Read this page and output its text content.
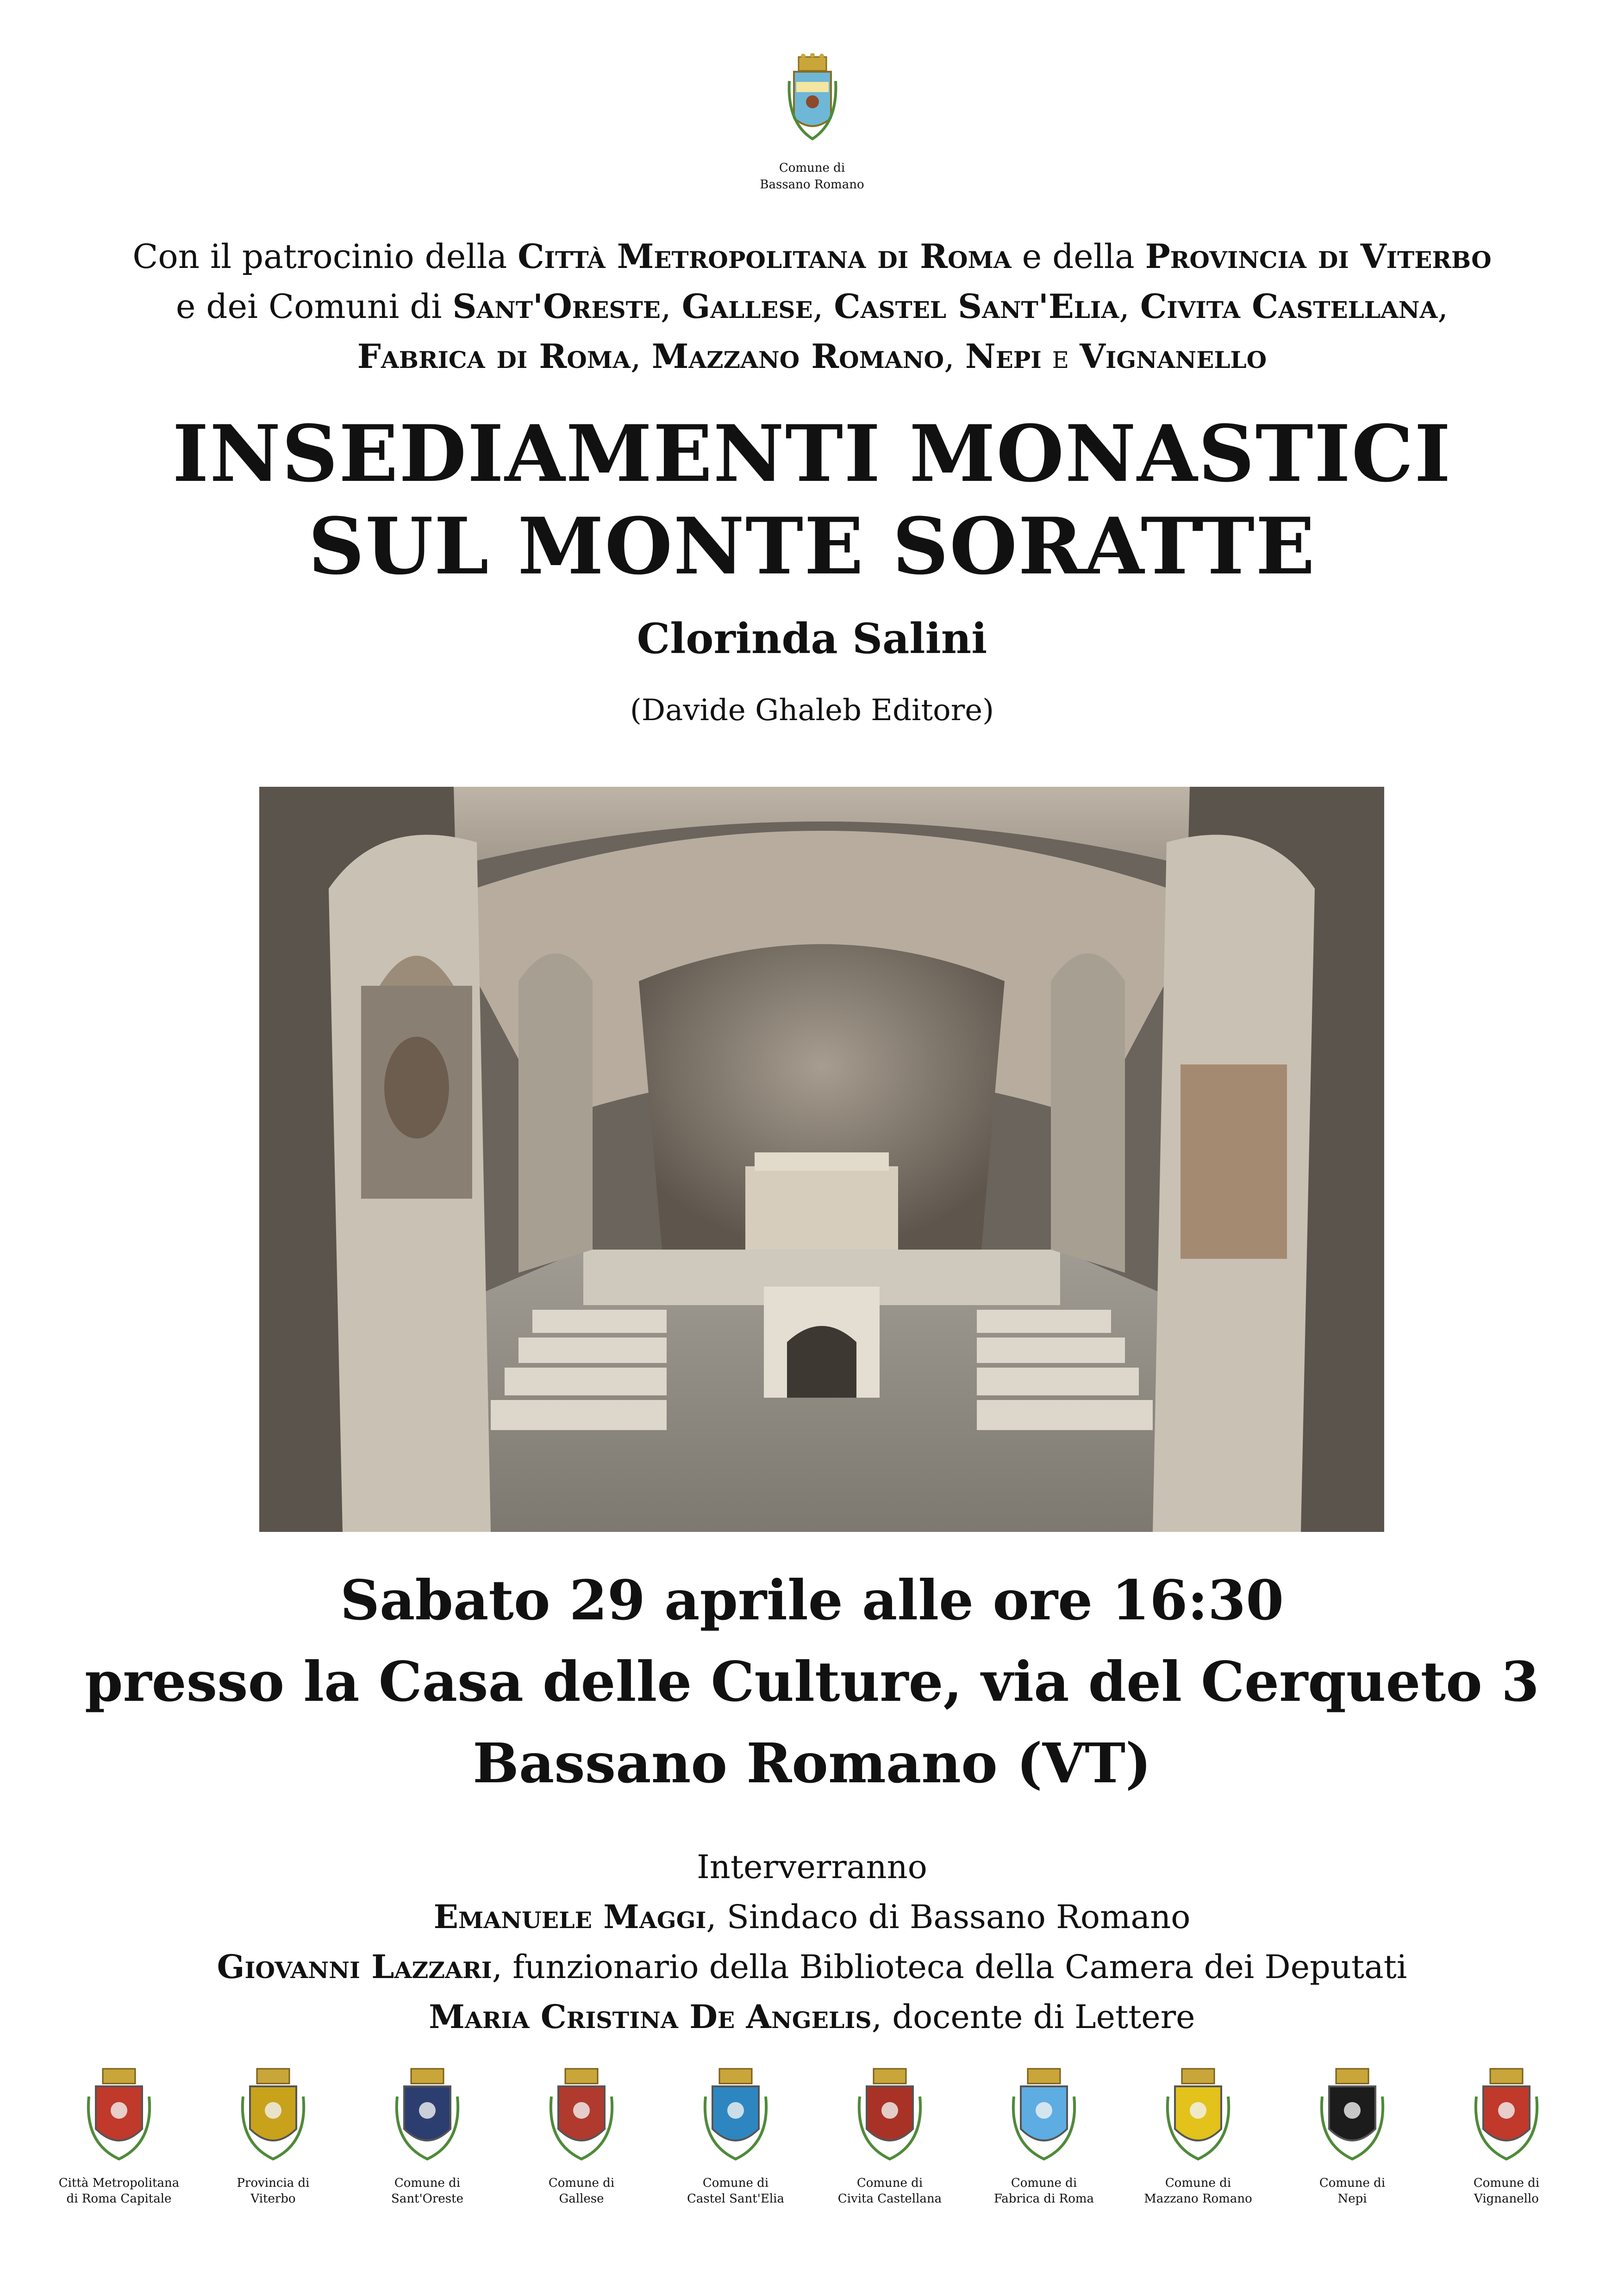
Comune di
Bassano Romano
Con il patrocinio della Città Metropolitana di Roma e della Provincia di Viterbo
e dei Comuni di Sant'Oreste, Gallese, Castel Sant'Elia, Civita Castellana,
Fabrica di Roma, Mazzano Romano, Nepi e Vignanello
INSEDIAMENTI MONASTICI
SUL MONTE SORATTE
Clorinda Salini
(Davide Ghaleb Editore)
Sabato 29 aprile alle ore 16:30
presso la Casa delle Culture, via del Cerqueto 3
Bassano Romano (VT)
Interverranno
Emanuele Maggi, Sindaco di Bassano Romano
Giovanni Lazzari, funzionario della Biblioteca della Camera dei Deputati
Maria Cristina De Angelis, docente di Lettere
Città Metropolitana
di Roma Capitale
Provincia di
Viterbo
Comune di
Sant'Oreste
Comune di
Gallese
Comune di
Castel Sant'Elia
Comune di
Civita Castellana
Comune di
Fabrica di Roma
Comune di
Mazzano Romano
Comune di
Nepi
Comune di
Vignanello
